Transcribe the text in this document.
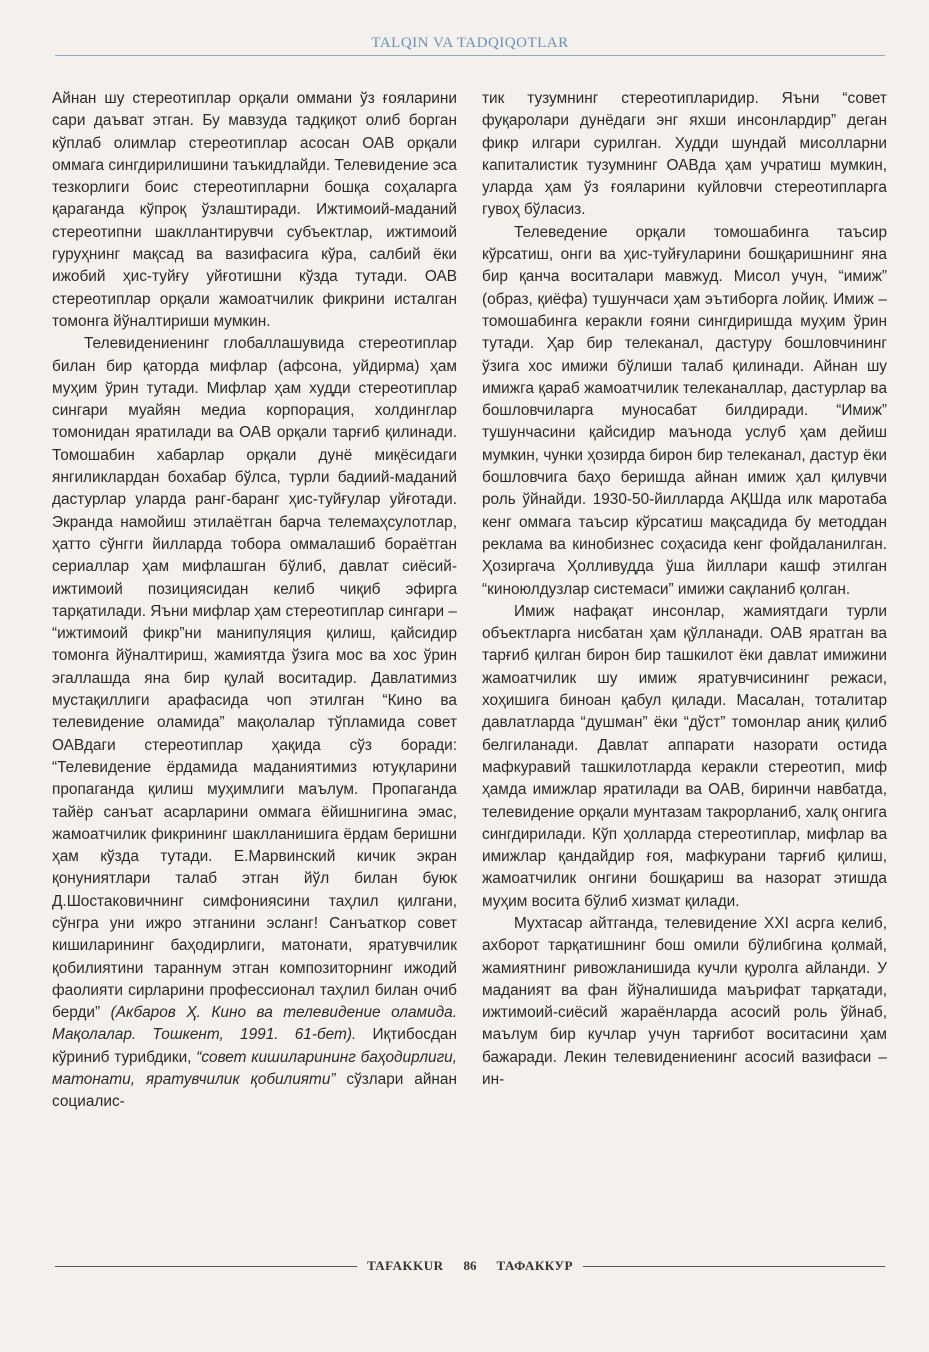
TALQIN VA TADQIQOTLAR

Айнан шу стереотиплар орқали оммани ўз ғояларини сари даъват этган. Бу мавзуда тадқиқот олиб борган кўплаб олимлар стереотиплар асосан ОАВ орқали оммага сингдирилишини таъкидлайди. Телевидение эса тезкорлиги боис стереотипларни бошқа соҳаларга қараганда кўпроқ ўзлаштиради. Ижтимоий-маданий стереотипни шакллантирувчи субъектлар, ижтимоий гуруҳнинг мақсад ва вазифасига кўра, салбий ёки ижобий ҳис-туйғу уйғотишни кўзда тутади. ОАВ стереотиплар орқали жамоатчилик фикрини исталган томонга йўналтириши мумкин.

Телевидениенинг глобаллашувида стереотиплар билан бир қаторда мифлар (афсона, уйдирма) ҳам муҳим ўрин тутади. Мифлар ҳам худди стереотиплар сингари муайян медиа корпорация, холдинглар томонидан яратилади ва ОАВ орқали тарғиб қилинади. Томошабин хабарлар орқали дунё миқёсидаги янгиликлардан бохабар бўлса, турли бадиий-маданий дастурлар уларда ранг-баранг ҳис-туйғулар уйғотади. Экранда намойиш этилаётган барча телемаҳсулотлар, ҳатто сўнгги йилларда тобора оммалашиб бораётган сериаллар ҳам мифлашган бўлиб, давлат сиёсий-ижтимоий позициясидан келиб чиқиб эфирга тарқатилади. Яъни мифлар ҳам стереотиплар сингари – “ижтимоий фикр”ни манипуляция қилиш, қайсидир томонга йўналтириш, жамиятда ўзига мос ва хос ўрин эгаллашда яна бир қулай воситадир. Давлатимиз мустақиллиги арафасида чоп этилган “Кино ва телевидение оламида” мақолалар тўпламида совет ОАВдаги стереотиплар ҳақида сўз боради: “Телевидение ёрдамида маданиятимиз ютуқларини пропаганда қилиш муҳимлиги маълум. Пропаганда тайёр санъат асарларини оммага ёйишнигина эмас, жамоатчилик фикрининг шаклланишига ёрдам беришни ҳам кўзда тутади. Е.Марвинский кичик экран қонуниятлари талаб этган йўл билан буюк Д.Шостаковичнинг симфониясини таҳлил қилгани, сўнгра уни ижро этганини эсланг! Санъаткор совет кишиларининг баҳодирлиги, матонати, яратувчилик қобилиятини тараннум этган композиторнинг ижодий фаолияти сирларини профессионал таҳлил билан очиб берди” (Акбаров Ҳ. Кино ва телевидение оламида. Мақолалар. Тошкент, 1991. 61-бет). Иқтибосдан кўриниб турибдики, “совет кишиларининг баҳодирлиги, матонати, яратувчилик қобилияти” сўзлари айнан социалис-

тик тузумнинг стереотипларидир. Яъни “совет фуқаролари дунёдаги энг яхши инсонлардир” деган фикр илгари сурилган. Худди шундай мисолларни капиталистик тузумнинг ОАВда ҳам учратиш мумкин, уларда ҳам ўз ғояларини куйловчи стереотипларга гувоҳ бўласиз.

Телеведение орқали томошабинга таъсир кўрсатиш, онги ва ҳис-туйғуларини бошқаришнинг яна бир қанча воситалари мавжуд. Мисол учун, “имиж” (образ, қиёфа) тушунчаси ҳам эътиборга лойиқ. Имиж – томошабинга керакли ғояни сингдиришда муҳим ўрин тутади. Ҳар бир телеканал, дастуру бошловчининг ўзига хос имижи бўлиши талаб қилинади. Айнан шу имижга қараб жамоатчилик телеканаллар, дастурлар ва бошловчиларга муносабат билдиради. “Имиж” тушунчасини қайсидир маънода услуб ҳам дейиш мумкин, чунки ҳозирда бирон бир телеканал, дастур ёки бошловчига баҳо беришда айнан имиж ҳал қилувчи роль ўйнайди. 1930-50-йилларда АҚШда илк маротаба кенг оммага таъсир кўрсатиш мақсадида бу методдан реклама ва кинобизнес соҳасида кенг фойдаланилган. Ҳозиргача Ҳолливудда ўша йиллари кашф этилган “киноюлдузлар системаси” имижи сақланиб қолган.

Имиж нафақат инсонлар, жамиятдаги турли объектларга нисбатан ҳам қўлланади. ОАВ яратган ва тарғиб қилган бирон бир ташкилот ёки давлат имижини жамоатчилик шу имиж яратувчисининг режаси, хоҳишига биноан қабул қилади. Масалан, тоталитар давлатларда “душман” ёки “дўст” томонлар аниқ қилиб белгиланади. Давлат аппарати назорати остида мафкуравий ташкилотларда керакли стереотип, миф ҳамда имижлар яратилади ва ОАВ, биринчи навбатда, телевидение орқали мунтазам такрорланиб, халқ онгига сингдирилади. Кўп ҳолларда стереотиплар, мифлар ва имижлар қандайдир ғоя, мафкурани тарғиб қилиш, жамоатчилик онгини бошқариш ва назорат этишда муҳим восита бўлиб хизмат қилади.

Мухтасар айтганда, телевидение XXI асрга келиб, ахборот тарқатишнинг бош омили бўлибгина қолмай, жамиятнинг ривожланишида кучли қуролга айланди. У маданият ва фан йўналишида маърифат тарқатади, ижтимоий-сиёсий жараёнларда асосий роль ўйнаб, маълум бир кучлар учун тарғибот воситасини ҳам бажаради. Лекин телевидениенинг асосий вазифаси – ин-

TAFAKKUR	86	ТАФАККУР
